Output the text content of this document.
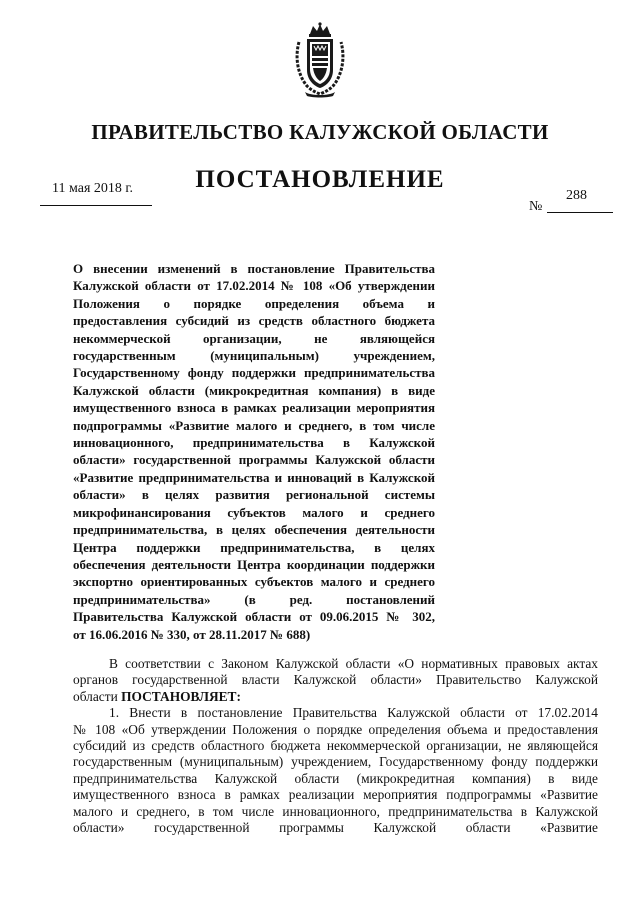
ПРАВИТЕЛЬСТВО КАЛУЖСКОЙ ОБЛАСТИ
ПОСТАНОВЛЕНИЕ
11 мая 2018 г.	288
№
О внесении изменений в постановление Правительства
Калужской области от 17.02.2014 № 108 «Об утверждении
Положения о порядке определения объема и
предоставления субсидий из средств областного бюджета
некоммерческой организации, не являющейся
государственным (муниципальным) учреждением,
Государственному фонду поддержки предпринимательства
Калужской области (микрокредитная компания) в виде
имущественного взноса в рамках реализации мероприятия
подпрограммы «Развитие малого и среднего, в том числе
инновационного, предпринимательства в Калужской
области» государственной программы Калужской области
«Развитие предпринимательства и инноваций в Калужской
области» в целях развития региональной системы
микрофинансирования субъектов малого и среднего
предпринимательства, в целях обеспечения деятельности
Центра поддержки предпринимательства, в целях
обеспечения деятельности Центра координации поддержки
экспортно ориентированных субъектов малого и среднего
предпринимательства» (в ред. постановлений
Правительства Калужской области от 09.06.2015 № 302,
от 16.06.2016 № 330, от 28.11.2017 № 688)
В соответствии с Законом Калужской области «О нормативных правовых актах
органов государственной власти Калужской области» Правительство Калужской
области ПОСТАНОВЛЯЕТ:
1. Внести в постановление Правительства Калужской области от 17.02.2014
№ 108 «Об утверждении Положения о порядке определения объема и предоставления
субсидий из средств областного бюджета некоммерческой организации, не являющейся
государственным (муниципальным) учреждением, Государственному фонду поддержки
предпринимательства Калужской области (микрокредитная компания) в виде
имущественного взноса в рамках реализации мероприятия подпрограммы «Развитие
малого и среднего, в том числе инновационного, предпринимательства в Калужской
области» государственной программы Калужской области «Развитие
